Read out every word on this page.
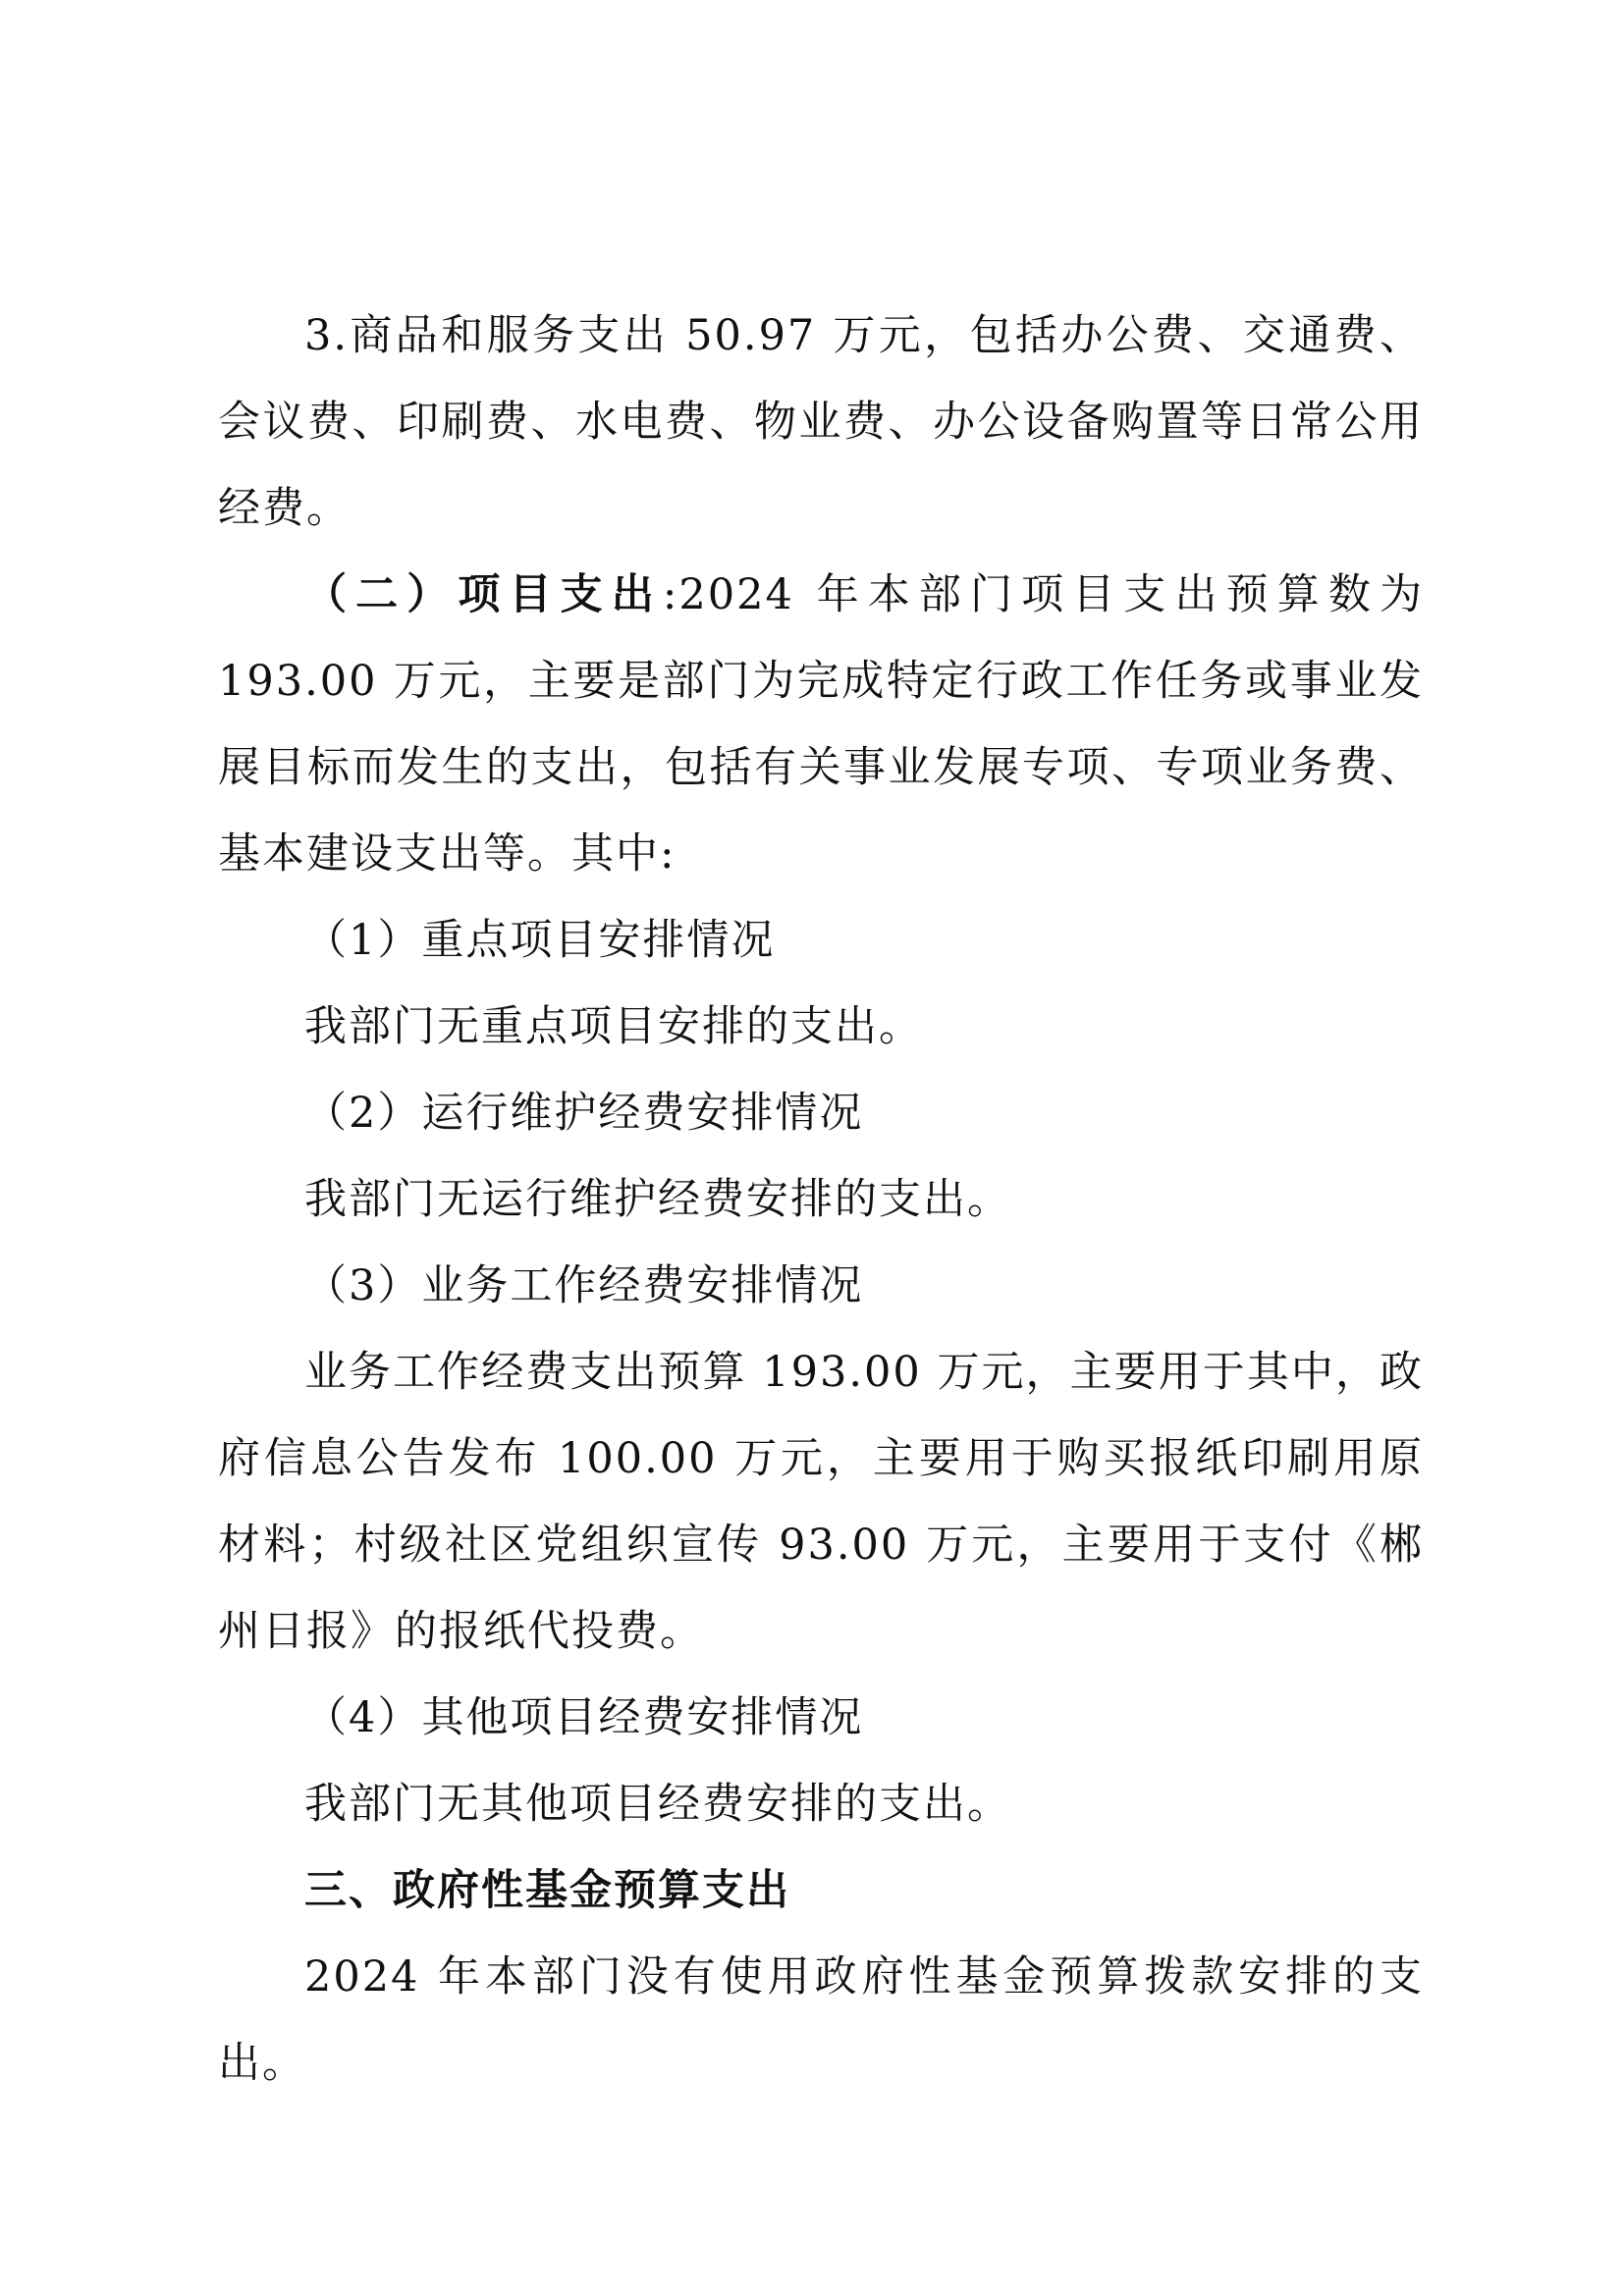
3.商品和服务支出 50.97 万元，包括办公费、交通费、会议费、印刷费、水电费、物业费、办公设备购置等日常公用经费。

（二）项目支出:2024 年本部门项目支出预算数为 193.00 万元，主要是部门为完成特定行政工作任务或事业发展目标而发生的支出，包括有关事业发展专项、专项业务费、基本建设支出等。其中:

（1）重点项目安排情况

我部门无重点项目安排的支出。

（2）运行维护经费安排情况

我部门无运行维护经费安排的支出。

（3）业务工作经费安排情况

业务工作经费支出预算 193.00 万元，主要用于其中，政府信息公告发布 100.00 万元，主要用于购买报纸印刷用原材料；村级社区党组织宣传 93.00 万元，主要用于支付《郴州日报》的报纸代投费。

（4）其他项目经费安排情况

我部门无其他项目经费安排的支出。

三、政府性基金预算支出

2024 年本部门没有使用政府性基金预算拨款安排的支出。
